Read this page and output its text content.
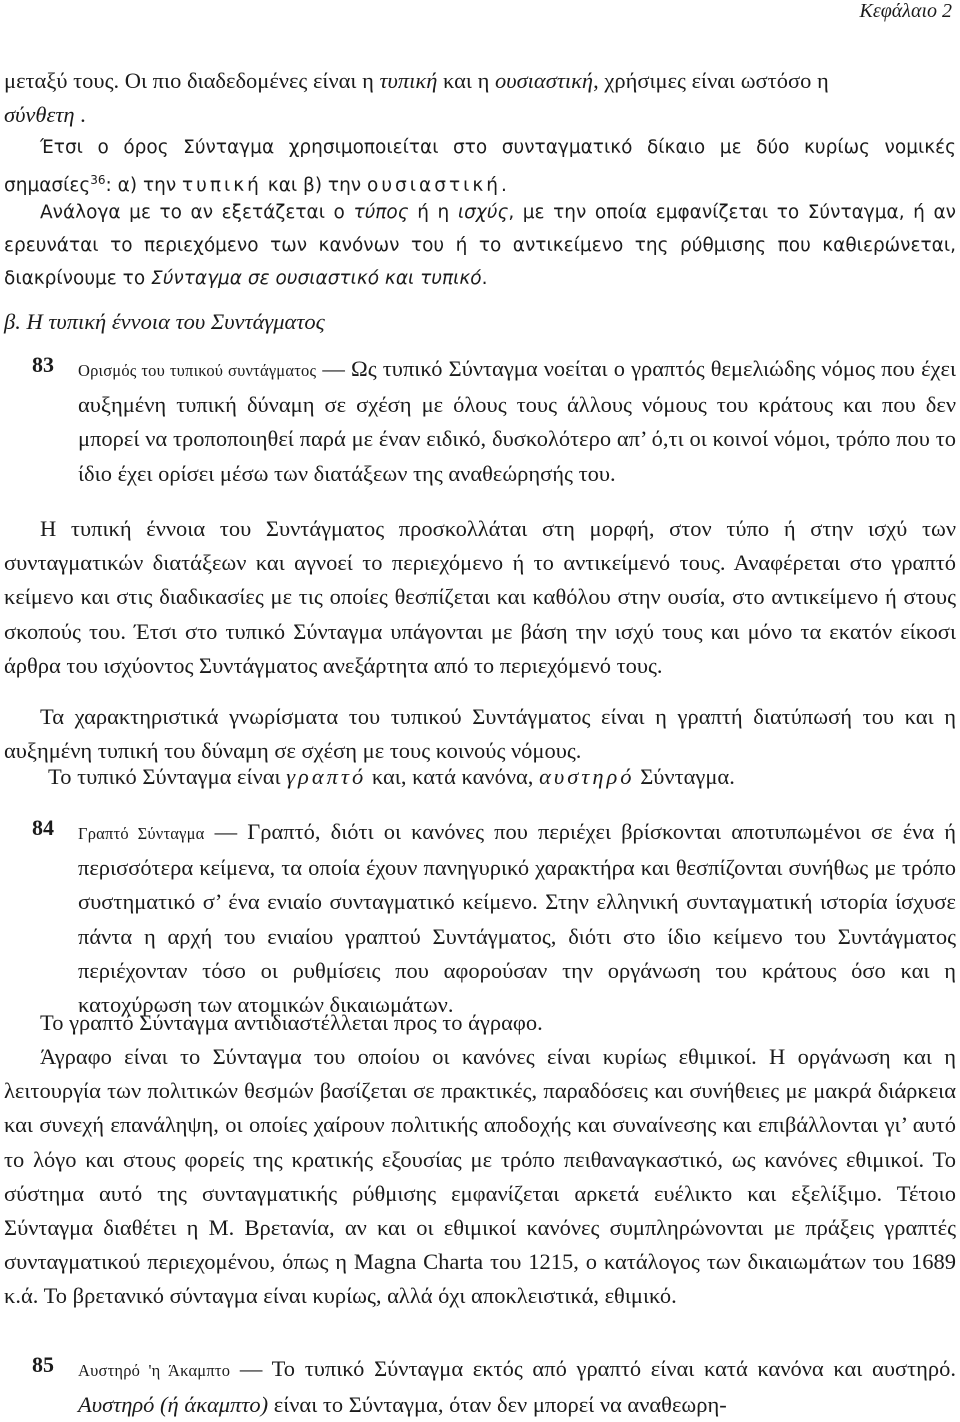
Κεφάλαιο 2

μεταξύ τους. Οι πιο διαδεδομένες είναι η τυπική και η ουσιαστική, χρήσιμες είναι ωστόσο η
σύνθετη .

Έτσι ο όρος Σύνταγμα χρησιμοποιείται στο συνταγματικό δίκαιο με δύο κυρίως νομικές σημασίες$^{36}$: α) την τυπική και β) την ουσιαστική.

Ανάλογα με το αν εξετάζεται ο τύπος ή η ισχύς, με την οποία εμφανίζεται το Σύνταγμα, ή αν ερευνάται το περιεχόμενο των κανόνων του ή το αντικείμενο της ρύθμισης που καθιερώνεται, διακρίνουμε το Σύνταγμα σε ουσιαστικό και τυπικό.

β. Η τυπική έννοια του Συντάγματος

83 Ορισμός του τυπικού συντάγματος — Ως τυπικό Σύνταγμα νοείται ο γραπτός θεμελιώδης νόμος που έχει αυξημένη τυπική δύναμη σε σχέση με όλους τους άλλους νόμους του κράτους και που δεν μπορεί να τροποποιηθεί παρά με έναν ειδικό, δυσκολότερο απ’ ό,τι οι κοινοί νόμοι, τρόπο που το ίδιο έχει ορίσει μέσω των διατάξεων της αναθεώρησής του.

Η τυπική έννοια του Συντάγματος προσκολλάται στη μορφή, στον τύπο ή στην ισχύ των συνταγματικών διατάξεων και αγνοεί το περιεχόμενο ή το αντικείμενό τους. Αναφέρεται στο γραπτό κείμενο και στις διαδικασίες με τις οποίες θεσπίζεται και καθόλου στην ουσία, στο αντικείμενο ή στους σκοπούς του. Έτσι στο τυπικό Σύνταγμα υπάγονται με βάση την ισχύ τους και μόνο τα εκατόν είκοσι άρθρα του ισχύοντος Συντάγματος ανεξάρτητα από το περιεχόμενό τους.

Τα χαρακτηριστικά γνωρίσματα του τυπικού Συντάγματος είναι η γραπτή διατύπωσή του και η αυξημένη τυπική του δύναμη σε σχέση με τους κοινούς νόμους.

Το τυπικό Σύνταγμα είναι γραπτό και, κατά κανόνα, αυστηρό Σύνταγμα.

84 Γραπτό Σύνταγμα — Γραπτό, διότι οι κανόνες που περιέχει βρίσκονται αποτυπωμένοι σε ένα ή περισσότερα κείμενα, τα οποία έχουν πανηγυρικό χαρακτήρα και θεσπίζονται συνήθως με τρόπο συστηματικό σ’ ένα ενιαίο συνταγματικό κείμενο. Στην ελληνική συνταγματική ιστορία ίσχυσε πάντα η αρχή του ενιαίου γραπτού Συντάγματος, διότι στο ίδιο κείμενο του Συντάγματος περιέχονταν τόσο οι ρυθμίσεις που αφορούσαν την οργάνωση του κράτους όσο και η κατοχύρωση των ατομικών δικαιωμάτων.

Το γραπτό Σύνταγμα αντιδιαστέλλεται προς το άγραφο.

Άγραφο είναι το Σύνταγμα του οποίου οι κανόνες είναι κυρίως εθιμικοί. Η οργάνωση και η λειτουργία των πολιτικών θεσμών βασίζεται σε πρακτικές, παραδόσεις και συνήθειες με μακρά διάρκεια και συνεχή επανάληψη, οι οποίες χαίρουν πολιτικής αποδοχής και συναίνεσης και επιβάλλονται γι’ αυτό το λόγο και στους φορείς της κρατικής εξουσίας με τρόπο πειθαναγκαστικό, ως κανόνες εθιμικοί. Το σύστημα αυτό της συνταγματικής ρύθμισης εμφανίζεται αρκετά ευέλικτο και εξελίξιμο. Τέτοιο Σύνταγμα διαθέτει η Μ. Βρετανία, αν και οι εθιμικοί κανόνες συμπληρώνονται με πράξεις γραπτές συνταγματικού περιεχομένου, όπως η Magna Charta του 1215, ο κατάλογος των δικαιωμάτων του 1689 κ.ά. Το βρετανικό σύνταγμα είναι κυρίως, αλλά όχι αποκλειστικά, εθιμικό.

85 Αυστηρό 'η Άκαμπτο — Το τυπικό Σύνταγμα εκτός από γραπτό είναι κατά κανόνα και αυστηρό. Αυστηρό (ή άκαμπτο) είναι το Σύνταγμα, όταν δεν μπορεί να αναθεωρη-
